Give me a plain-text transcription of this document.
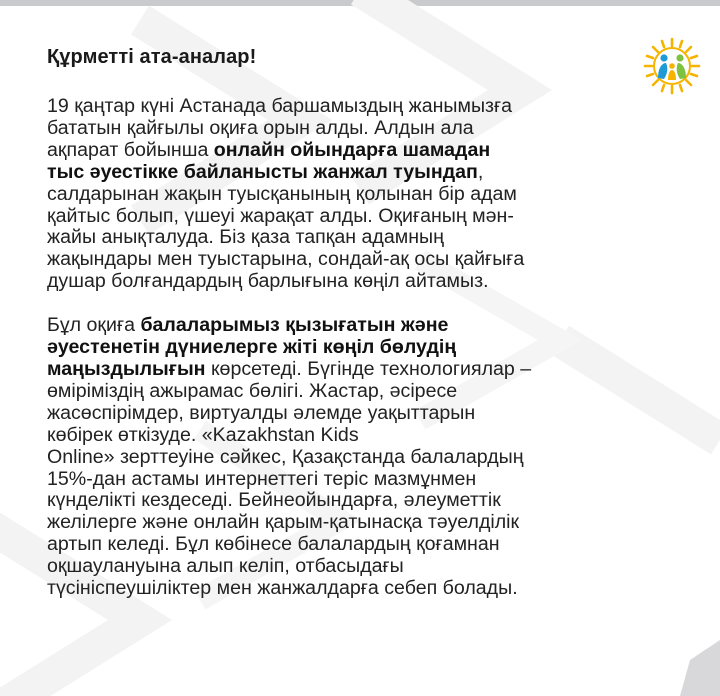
Құрметті ата-аналар!
19 қаңтар күні Астанада баршамыздың жанымызға
бататын қайғылы оқиға орын алды. Алдын ала
ақпарат бойынша онлайн ойындарға шамадан
тыс әуестікке байланысты жанжал туындап,
салдарынан жақын туысқанының қолынан бір адам
қайтыс болып, үшеуі жарақат алды. Оқиғаның мән-
жайы анықталуда. Біз қаза тапқан адамның
жақындары мен туыстарына, сондай-ақ осы қайғыға
душар болғандардың барлығына көңіл айтамыз.
Бұл оқиға балаларымыз қызығатын және
әуестенетін дүниелерге жіті көңіл бөлудің
маңыздылығын көрсетеді. Бүгінде технологиялар –
өміріміздің ажырамас бөлігі. Жастар, әсіресе
жасөспірімдер, виртуалды әлемде уақыттарын
көбірек өткізуде. «Kazakhstan Kids
Online» зерттеуіне сәйкес, Қазақстанда балалардың
15%-дан астамы интернеттегі теріс мазмұнмен
күнделікті кездеседі. Бейнеойындарға, әлеуметтік
желілерге және онлайн қарым-қатынасқа тәуелділік
артып келеді. Бұл көбінесе балалардың қоғамнан
оқшаулануына алып келіп, отбасыдағы
түсініспеушіліктер мен жанжалдарға себеп болады.
